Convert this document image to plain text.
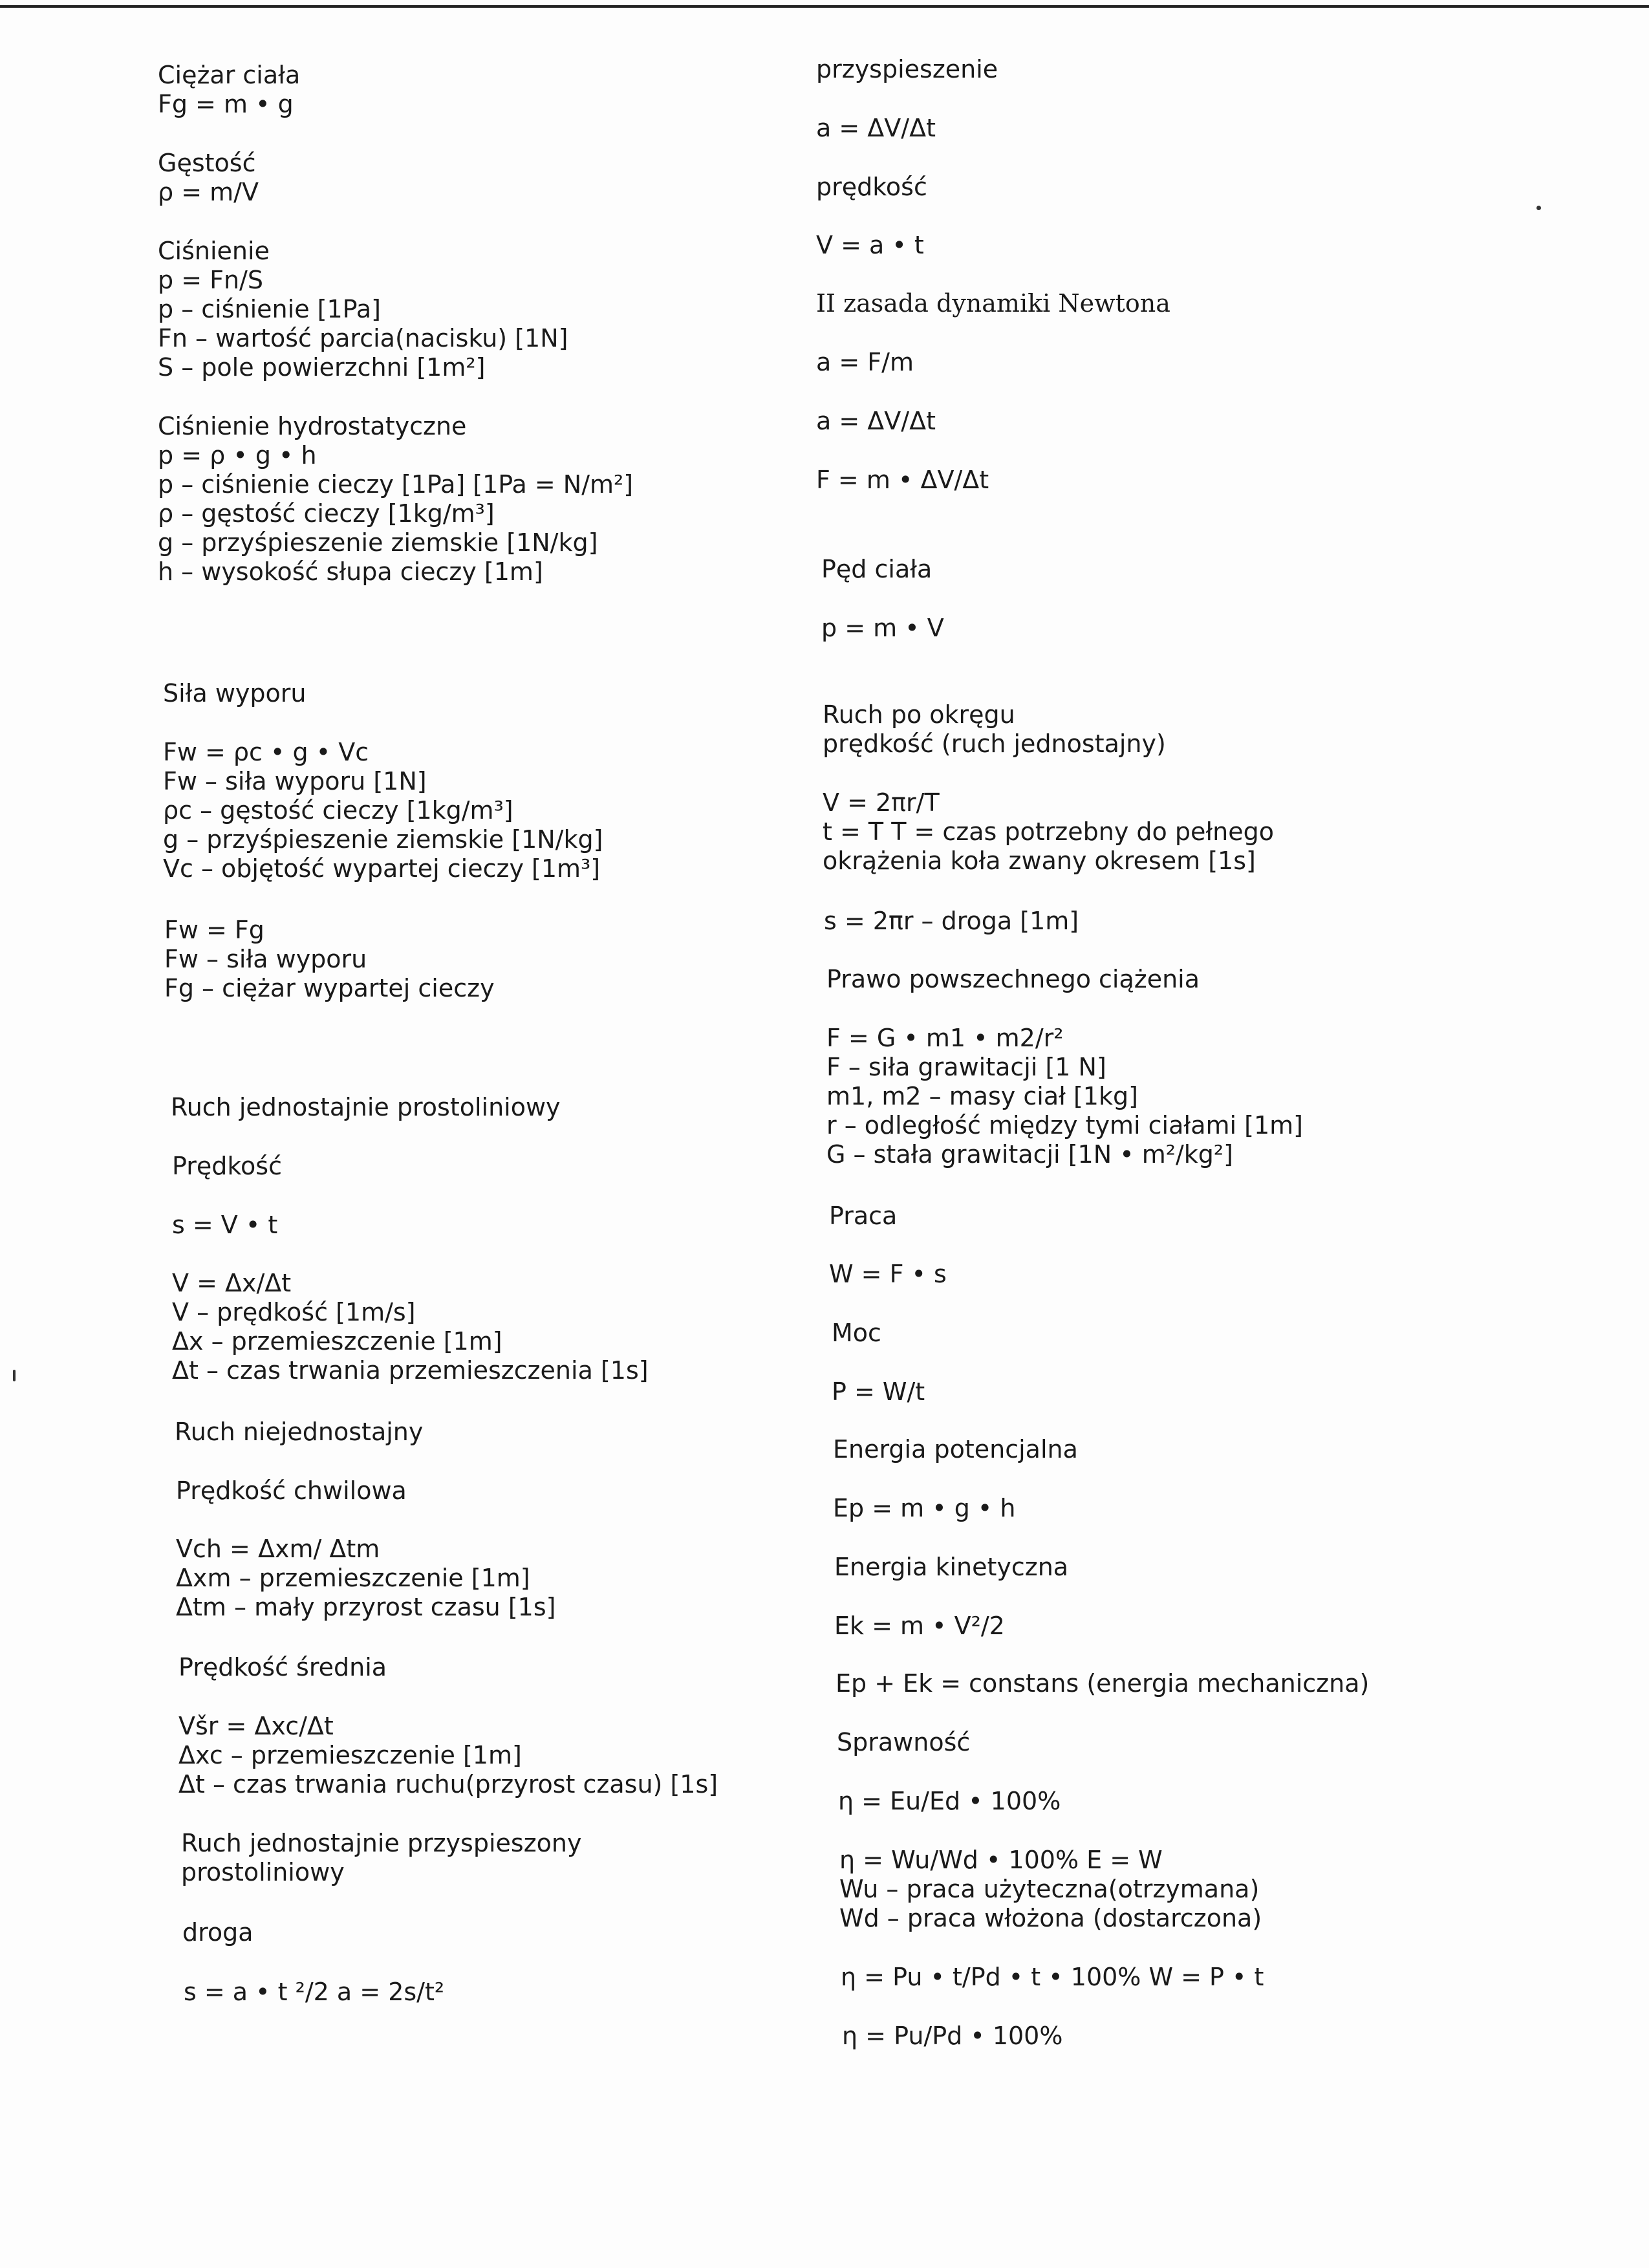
Ciężar ciała
Fg = m • g
Gęstość
ρ = m/V
Ciśnienie
p = Fn/S
p – ciśnienie [1Pa]
Fn – wartość parcia(nacisku) [1N]
S – pole powierzchni [1m²]
Ciśnienie hydrostatyczne
p = ρ • g • h
p – ciśnienie cieczy [1Pa] [1Pa = N/m²]
ρ – gęstość cieczy [1kg/m³]
g – przyśpieszenie ziemskie [1N/kg]
h – wysokość słupa cieczy [1m]
Siła wyporu
Fw = ρc • g • Vc
Fw – siła wyporu [1N]
ρc – gęstość cieczy [1kg/m³]
g – przyśpieszenie ziemskie [1N/kg]
Vc – objętość wypartej cieczy [1m³]
Fw = Fg
Fw – siła wyporu
Fg – ciężar wypartej cieczy
Ruch jednostajnie prostoliniowy
Prędkość
s = V • t
V = Δx/Δt
V – prędkość [1m/s]
Δx – przemieszczenie [1m]
Δt – czas trwania przemieszczenia [1s]
Ruch niejednostajny
Prędkość chwilowa
Vch = Δxm/ Δtm
Δxm – przemieszczenie [1m]
Δtm – mały przyrost czasu [1s]
Prędkość średnia
Všr = Δxc/Δt
Δxc – przemieszczenie [1m]
Δt – czas trwania ruchu(przyrost czasu) [1s]
Ruch jednostajnie przyspieszony
prostoliniowy
droga
s = a • t ²/2 a = 2s/t²
przyspieszenie
a = ΔV/Δt
prędkość
V = a • t
II zasada dynamiki Newtona
a = F/m
a = ΔV/Δt
F = m • ΔV/Δt
Pęd ciała
p = m • V
Ruch po okręgu
prędkość (ruch jednostajny)
V = 2πr/T
t = T T = czas potrzebny do pełnego
okrążenia koła zwany okresem [1s]
s = 2πr – droga [1m]
Prawo powszechnego ciążenia
F = G • m1 • m2/r²
F – siła grawitacji [1 N]
m1, m2 – masy ciał [1kg]
r – odległość między tymi ciałami [1m]
G – stała grawitacji [1N • m²/kg²]
Praca
W = F • s
Moc
P = W/t
Energia potencjalna
Ep = m • g • h
Energia kinetyczna
Ek = m • V²/2
Ep + Ek = constans (energia mechaniczna)
Sprawność
η = Eu/Ed • 100%
η = Wu/Wd • 100% E = W
Wu – praca użyteczna(otrzymana)
Wd – praca włożona (dostarczona)
η = Pu • t/Pd • t • 100% W = P • t
η = Pu/Pd • 100%
